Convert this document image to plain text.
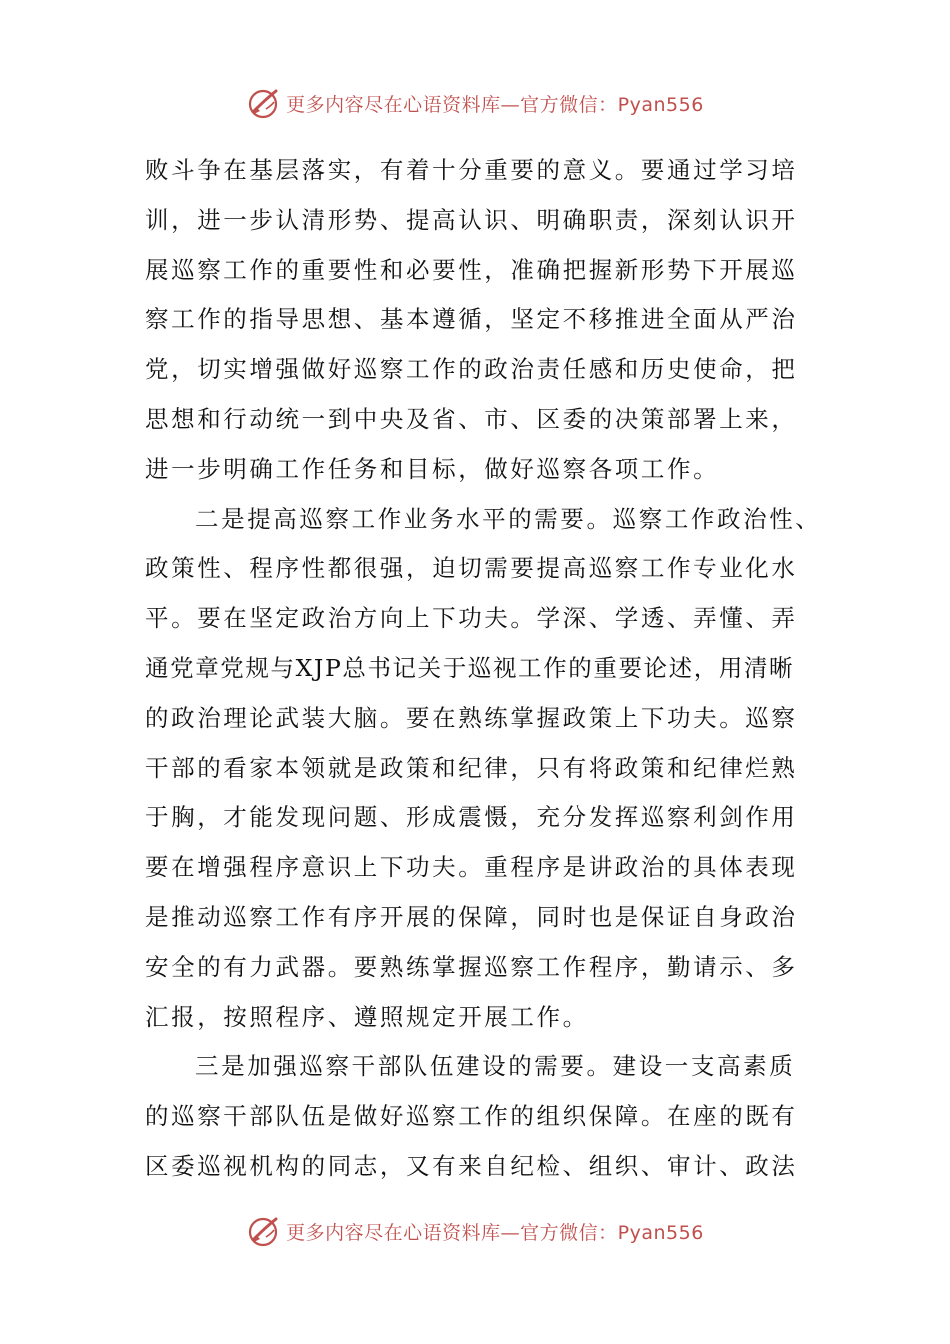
更多内容尽在心语资料库—官方微信：Pyan556
败斗争在基层落实，有着十分重要的意义。要通过学习培
训，进一步认清形势、提高认识、明确职责，深刻认识开
展巡察工作的重要性和必要性，准确把握新形势下开展巡
察工作的指导思想、基本遵循，坚定不移推进全面从严治
党，切实增强做好巡察工作的政治责任感和历史使命，把
思想和行动统一到中央及省、市、区委的决策部署上来，
进一步明确工作任务和目标，做好巡察各项工作。
二是提高巡察工作业务水平的需要。巡察工作政治性、
政策性、程序性都很强，迫切需要提高巡察工作专业化水
平。要在坚定政治方向上下功夫。学深、学透、弄懂、弄
通党章党规与XJP总书记关于巡视工作的重要论述，用清晰
的政治理论武装大脑。要在熟练掌握政策上下功夫。巡察
干部的看家本领就是政策和纪律，只有将政策和纪律烂熟
于胸，才能发现问题、形成震慑，充分发挥巡察利剑作用
要在增强程序意识上下功夫。重程序是讲政治的具体表现
是推动巡察工作有序开展的保障，同时也是保证自身政治
安全的有力武器。要熟练掌握巡察工作程序，勤请示、多
汇报，按照程序、遵照规定开展工作。
三是加强巡察干部队伍建设的需要。建设一支高素质
的巡察干部队伍是做好巡察工作的组织保障。在座的既有
区委巡视机构的同志，又有来自纪检、组织、审计、政法
更多内容尽在心语资料库—官方微信：Pyan556
